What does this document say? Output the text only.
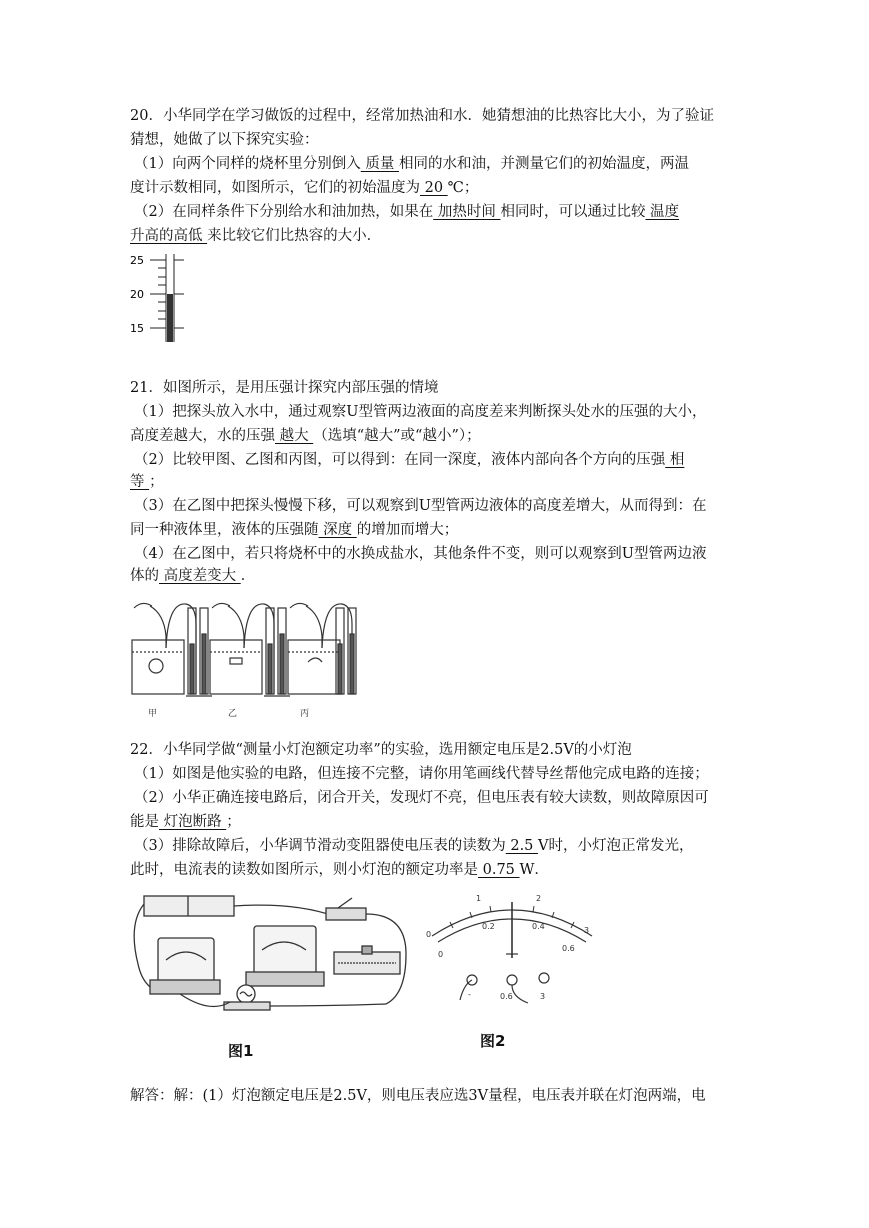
20．小华同学在学习做饭的过程中，经常加热油和水．她猜想油的比热容比大小，为了验证
猜想，她做了以下探究实验：
（1）向两个同样的烧杯里分别倒入 质量 相同的水和油，并测量它们的初始温度，两温
度计示数相同，如图所示，它们的初始温度为 20 ℃；
（2）在同样条件下分别给水和油加热，如果在 加热时间 相同时，可以通过比较 温度
升高的高低 来比较它们比热容的大小．
25
20
15
21．如图所示，是用压强计探究内部压强的情境
（1）把探头放入水中，通过观察U型管两边液面的高度差来判断探头处水的压强的大小，
高度差越大，水的压强 越大 （选填“越大”或“越小”）；
（2）比较甲图、乙图和丙图，可以得到：在同一深度，液体内部向各个方向的压强 相
等 ；
（3）在乙图中把探头慢慢下移，可以观察到U型管两边液体的高度差增大，从而得到：在
同一种液体里，液体的压强随 深度 的增加而增大；
（4）在乙图中，若只将烧杯中的水换成盐水，其他条件不变，则可以观察到U型管两边液
体的 高度差变大 ．
甲	乙	丙
22．小华同学做“测量小灯泡额定功率”的实验，选用额定电压是2.5V的小灯泡
（1）如图是他实验的电路，但连接不完整，请你用笔画线代替导丝帮他完成电路的连接；
（2）小华正确连接电路后，闭合开关，发现灯不亮，但电压表有较大读数，则故障原因可
能是 灯泡断路 ；
（3）排除故障后，小华调节滑动变阻器使电压表的读数为 2.5 V时，小灯泡正常发光，
此时，电流表的读数如图所示，则小灯泡的额定功率是 0.75 W．
图1
0
1	2
3
0
0.2	0.4
0.6
-	0.6	3
图2
解答：解：(1）灯泡额定电压是2.5V，则电压表应选3V量程，电压表并联在灯泡两端，电
